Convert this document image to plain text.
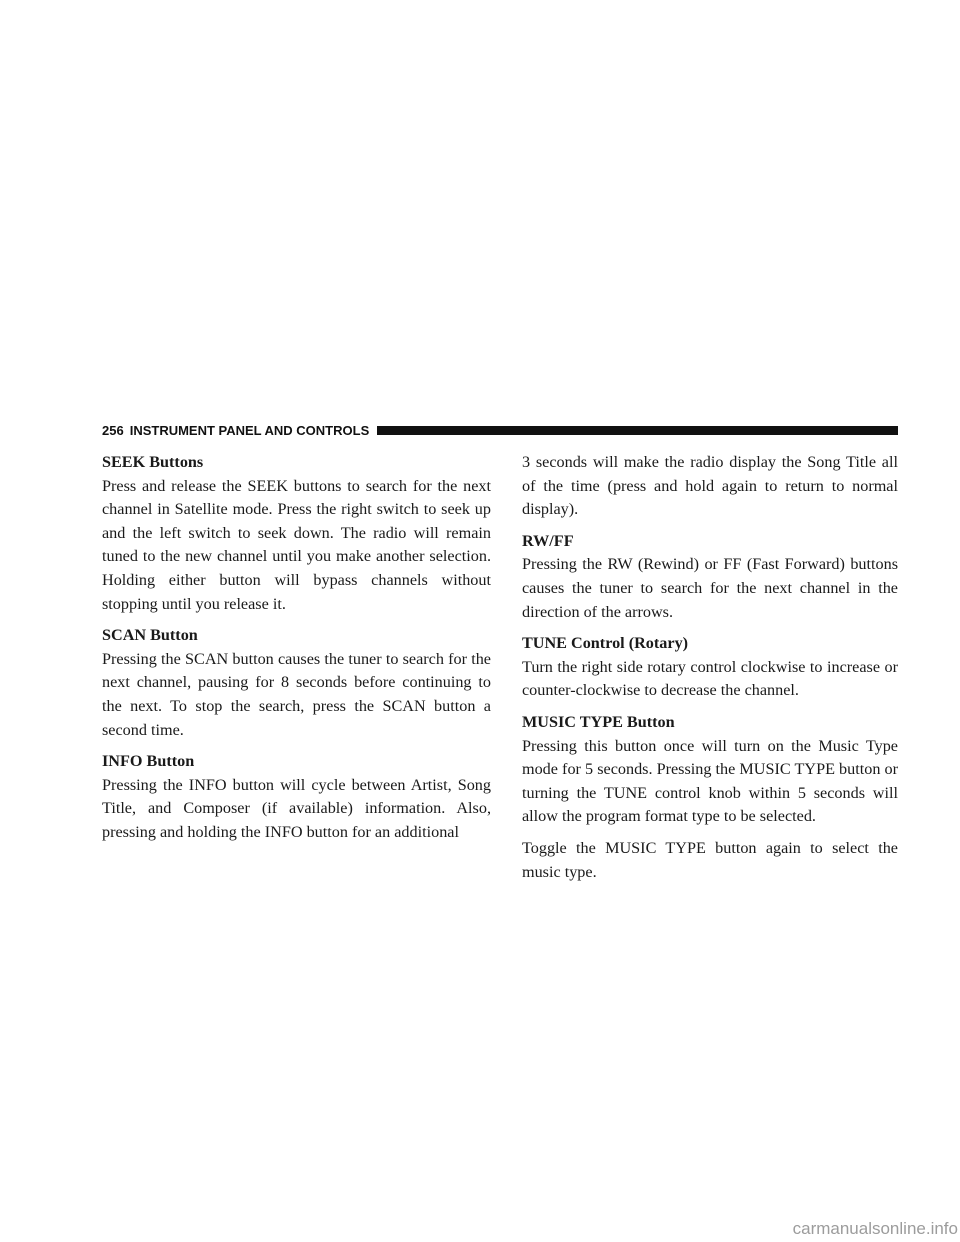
256 INSTRUMENT PANEL AND CONTROLS
SEEK Buttons

Press and release the SEEK buttons to search for the next channel in Satellite mode. Press the right switch to seek up and the left switch to seek down. The radio will remain tuned to the new channel until you make another selection. Holding either button will bypass channels without stopping until you release it.

SCAN Button

Pressing the SCAN button causes the tuner to search for the next channel, pausing for 8 seconds before continuing to the next. To stop the search, press the SCAN button a second time.

INFO Button

Pressing the INFO button will cycle between Artist, Song Title, and Composer (if available) information. Also, pressing and holding the INFO button for an additional

3 seconds will make the radio display the Song Title all of the time (press and hold again to return to normal display).

RW/FF

Pressing the RW (Rewind) or FF (Fast Forward) buttons causes the tuner to search for the next channel in the direction of the arrows.

TUNE Control (Rotary)

Turn the right side rotary control clockwise to increase or counter-clockwise to decrease the channel.

MUSIC TYPE Button

Pressing this button once will turn on the Music Type mode for 5 seconds. Pressing the MUSIC TYPE button or turning the TUNE control knob within 5 seconds will allow the program format type to be selected.

Toggle the MUSIC TYPE button again to select the music type.

carmanualsonline.info
